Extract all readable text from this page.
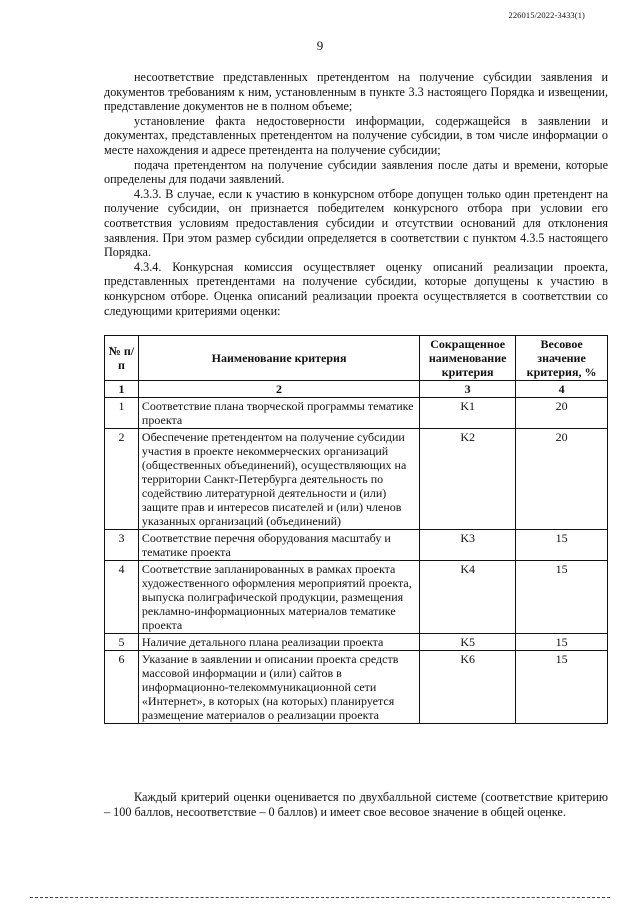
226015/2022-3433(1)
9

несоответствие представленных претендентом на получение субсидии заявления и документов требованиям к ним, установленным в пункте 3.3 настоящего Порядка и извещении, представление документов не в полном объеме;

установление факта недостоверности информации, содержащейся в заявлении и документах, представленных претендентом на получение субсидии, в том числе информации о месте нахождения и адресе претендента на получение субсидии;

подача претендентом на получение субсидии заявления после даты и времени, которые определены для подачи заявлений.

4.3.3. В случае, если к участию в конкурсном отборе допущен только один претендент на получение субсидии, он признается победителем конкурсного отбора при условии его соответствия условиям предоставления субсидии и отсутствии оснований для отклонения заявления. При этом размер субсидии определяется в соответствии с пунктом 4.3.5 настоящего Порядка.

4.3.4. Конкурсная комиссия осуществляет оценку описаний реализации проекта, представленных претендентами на получение субсидии, которые допущены к участию в конкурсном отборе. Оценка описаний реализации проекта осуществляется в соответствии со следующими критериями оценки:

№ п/п	Наименование критерия	Сокращенное наименование критерия	Весовое значение критерия, %
1	2	3	4
1	Соответствие плана творческой программы тематике проекта	K1	20
2	Обеспечение претендентом на получение субсидии участия в проекте некоммерческих организаций (общественных объединений), осуществляющих на территории Санкт-Петербурга деятельность по содействию литературной деятельности и (или) защите прав и интересов писателей и (или) членов указанных организаций (объединений)	K2	20
3	Соответствие перечня оборудования масштабу и тематике проекта	K3	15
4	Соответствие запланированных в рамках проекта художественного оформления мероприятий проекта, выпуска полиграфической продукции, размещения рекламно-информационных материалов тематике проекта	K4	15
5	Наличие детального плана реализации проекта	K5	15
6	Указание в заявлении и описании проекта средств массовой информации и (или) сайтов в информационно-телекоммуникационной сети «Интернет», в которых (на которых) планируется размещение материалов о реализации проекта	K6	15

Каждый критерий оценки оценивается по двухбалльной системе (соответствие критерию – 100 баллов, несоответствие – 0 баллов) и имеет свое весовое значение в общей оценке.
